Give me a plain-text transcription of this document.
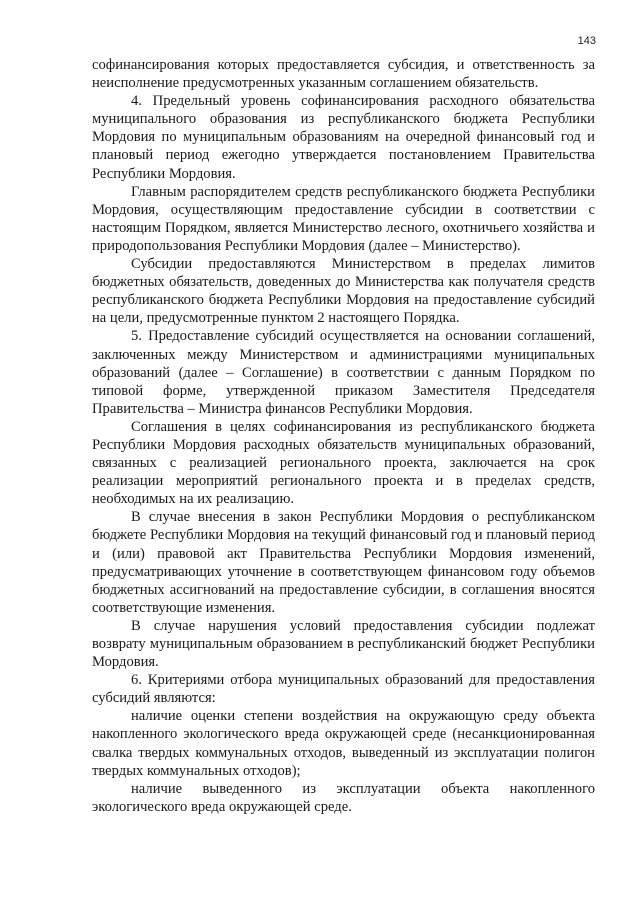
143

софинансирования которых предоставляется субсидия, и ответственность за неисполнение предусмотренных указанным соглашением обязательств.

4. Предельный уровень софинансирования расходного обязательства муниципального образования из республиканского бюджета Республики Мордовия по муниципальным образованиям на очередной финансовый год и плановый период ежегодно утверждается постановлением Правительства Республики Мордовия.

Главным распорядителем средств республиканского бюджета Республики Мордовия, осуществляющим предоставление субсидии в соответствии с настоящим Порядком, является Министерство лесного, охотничьего хозяйства и природопользования Республики Мордовия (далее – Министерство).

Субсидии предоставляются Министерством в пределах лимитов бюджетных обязательств, доведенных до Министерства как получателя средств республиканского бюджета Республики Мордовия на предоставление субсидий на цели, предусмотренные пунктом 2 настоящего Порядка.

5. Предоставление субсидий осуществляется на основании соглашений, заключенных между Министерством и администрациями муниципальных образований (далее – Соглашение) в соответствии с данным Порядком по типовой форме, утвержденной приказом Заместителя Председателя Правительства – Министра финансов Республики Мордовия.

Соглашения в целях софинансирования из республиканского бюджета Республики Мордовия расходных обязательств муниципальных образований, связанных с реализацией регионального проекта, заключается на срок реализации мероприятий регионального проекта и в пределах средств, необходимых на их реализацию.

В случае внесения в закон Республики Мордовия о республиканском бюджете Республики Мордовия на текущий финансовый год и плановый период и (или) правовой акт Правительства Республики Мордовия изменений, предусматривающих уточнение в соответствующем финансовом году объемов бюджетных ассигнований на предоставление субсидии, в соглашения вносятся соответствующие изменения.

В случае нарушения условий предоставления субсидии подлежат возврату муниципальным образованием в республиканский бюджет Республики Мордовия.

6. Критериями отбора муниципальных образований для предоставления субсидий являются:

наличие оценки степени воздействия на окружающую среду объекта накопленного экологического вреда окружающей среде (несанкционированная свалка твердых коммунальных отходов, выведенный из эксплуатации полигон твердых коммунальных отходов);

наличие выведенного из эксплуатации объекта накопленного экологического вреда окружающей среде.
